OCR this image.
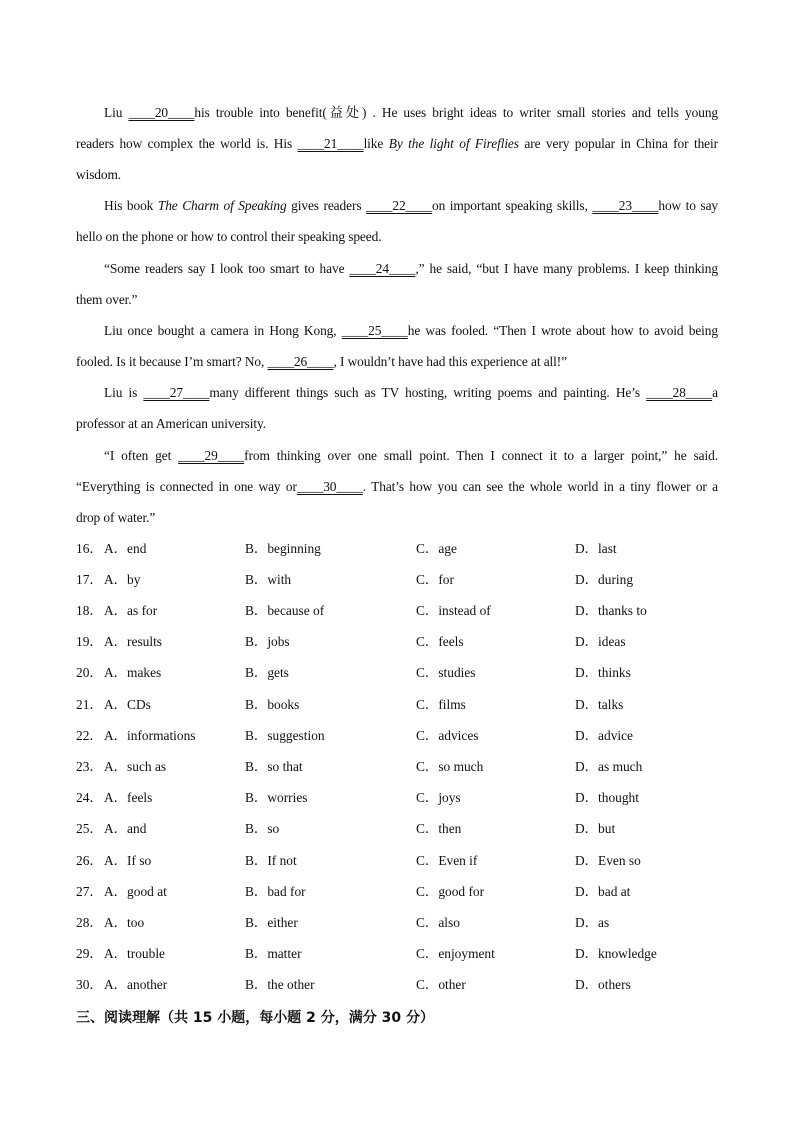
Liu ____20____his trouble into benefit(益处) . He uses bright ideas to writer small stories and tells young
readers how complex the world is. His ____21____like By the light of Fireflies are very popular in China for their
wisdom.

His book The Charm of Speaking gives readers ____22____on important speaking skills, ____23____how to say
hello on the phone or how to control their speaking speed.

“Some readers say I look too smart to have ____24____,” he said, “but I have many problems. I keep thinking
them over.”

Liu once bought a camera in Hong Kong, ____25____he was fooled. “Then I wrote about how to avoid being
fooled. Is it because I’m smart? No, ____26____, I wouldn’t have had this experience at all!”

Liu is ____27____many different things such as TV hosting, writing poems and painting. He’s ____28____a
professor at an American university.

“I often get ____29____from thinking over one small point. Then I connect it to a larger point,” he said.
“Everything is connected in one way or____30____. That’s how you can see the whole world in a tiny flower or a
drop of water.”

16． A．end	B．beginning	C．age	D．last
17． A．by	B．with	C．for	D．during
18． A．as for	B．because of	C．instead of	D．thanks to
19． A．results	B．jobs	C．feels	D．ideas
20． A．makes	B．gets	C．studies	D．thinks
21． A．CDs	B．books	C．films	D．talks
22． A．informations	B．suggestion	C．advices	D．advice
23． A．such as	B．so that	C．so much	D．as much
24． A．feels	B．worries	C．joys	D．thought
25． A．and	B．so	C．then	D．but
26． A．If so	B．If not	C．Even if	D．Even so
27． A．good at	B．bad for	C．good for	D．bad at
28． A．too	B．either	C．also	D．as
29． A．trouble	B．matter	C．enjoyment	D．knowledge
30． A．another	B．the other	C．other	D．others
三、阅读理解（共 15 小题，每小题 2 分，满分 30 分）
